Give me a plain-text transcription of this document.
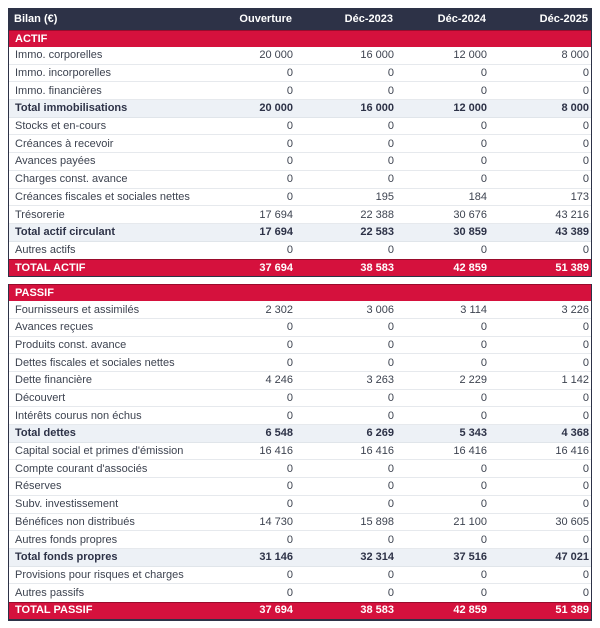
Bilan (€)	Ouverture	Déc-2023	Déc-2024	Déc-2025
ACTIF
Immo. corporelles	20 000	16 000	12 000	8 000
Immo. incorporelles	0	0	0	0
Immo. financières	0	0	0	0
Total immobilisations	20 000	16 000	12 000	8 000
Stocks et en-cours	0	0	0	0
Créances à recevoir	0	0	0	0
Avances payées	0	0	0	0
Charges const. avance	0	0	0	0
Créances fiscales et sociales nettes	0	195	184	173
Trésorerie	17 694	22 388	30 676	43 216
Total actif circulant	17 694	22 583	30 859	43 389
Autres actifs	0	0	0	0
TOTAL ACTIF	37 694	38 583	42 859	51 389
PASSIF
Fournisseurs et assimilés	2 302	3 006	3 114	3 226
Avances reçues	0	0	0	0
Produits const. avance	0	0	0	0
Dettes fiscales et sociales nettes	0	0	0	0
Dette financière	4 246	3 263	2 229	1 142
Découvert	0	0	0	0
Intérêts courus non échus	0	0	0	0
Total dettes	6 548	6 269	5 343	4 368
Capital social et primes d'émission	16 416	16 416	16 416	16 416
Compte courant d'associés	0	0	0	0
Réserves	0	0	0	0
Subv. investissement	0	0	0	0
Bénéfices non distribués	14 730	15 898	21 100	30 605
Autres fonds propres	0	0	0	0
Total fonds propres	31 146	32 314	37 516	47 021
Provisions pour risques et charges	0	0	0	0
Autres passifs	0	0	0	0
TOTAL PASSIF	37 694	38 583	42 859	51 389
